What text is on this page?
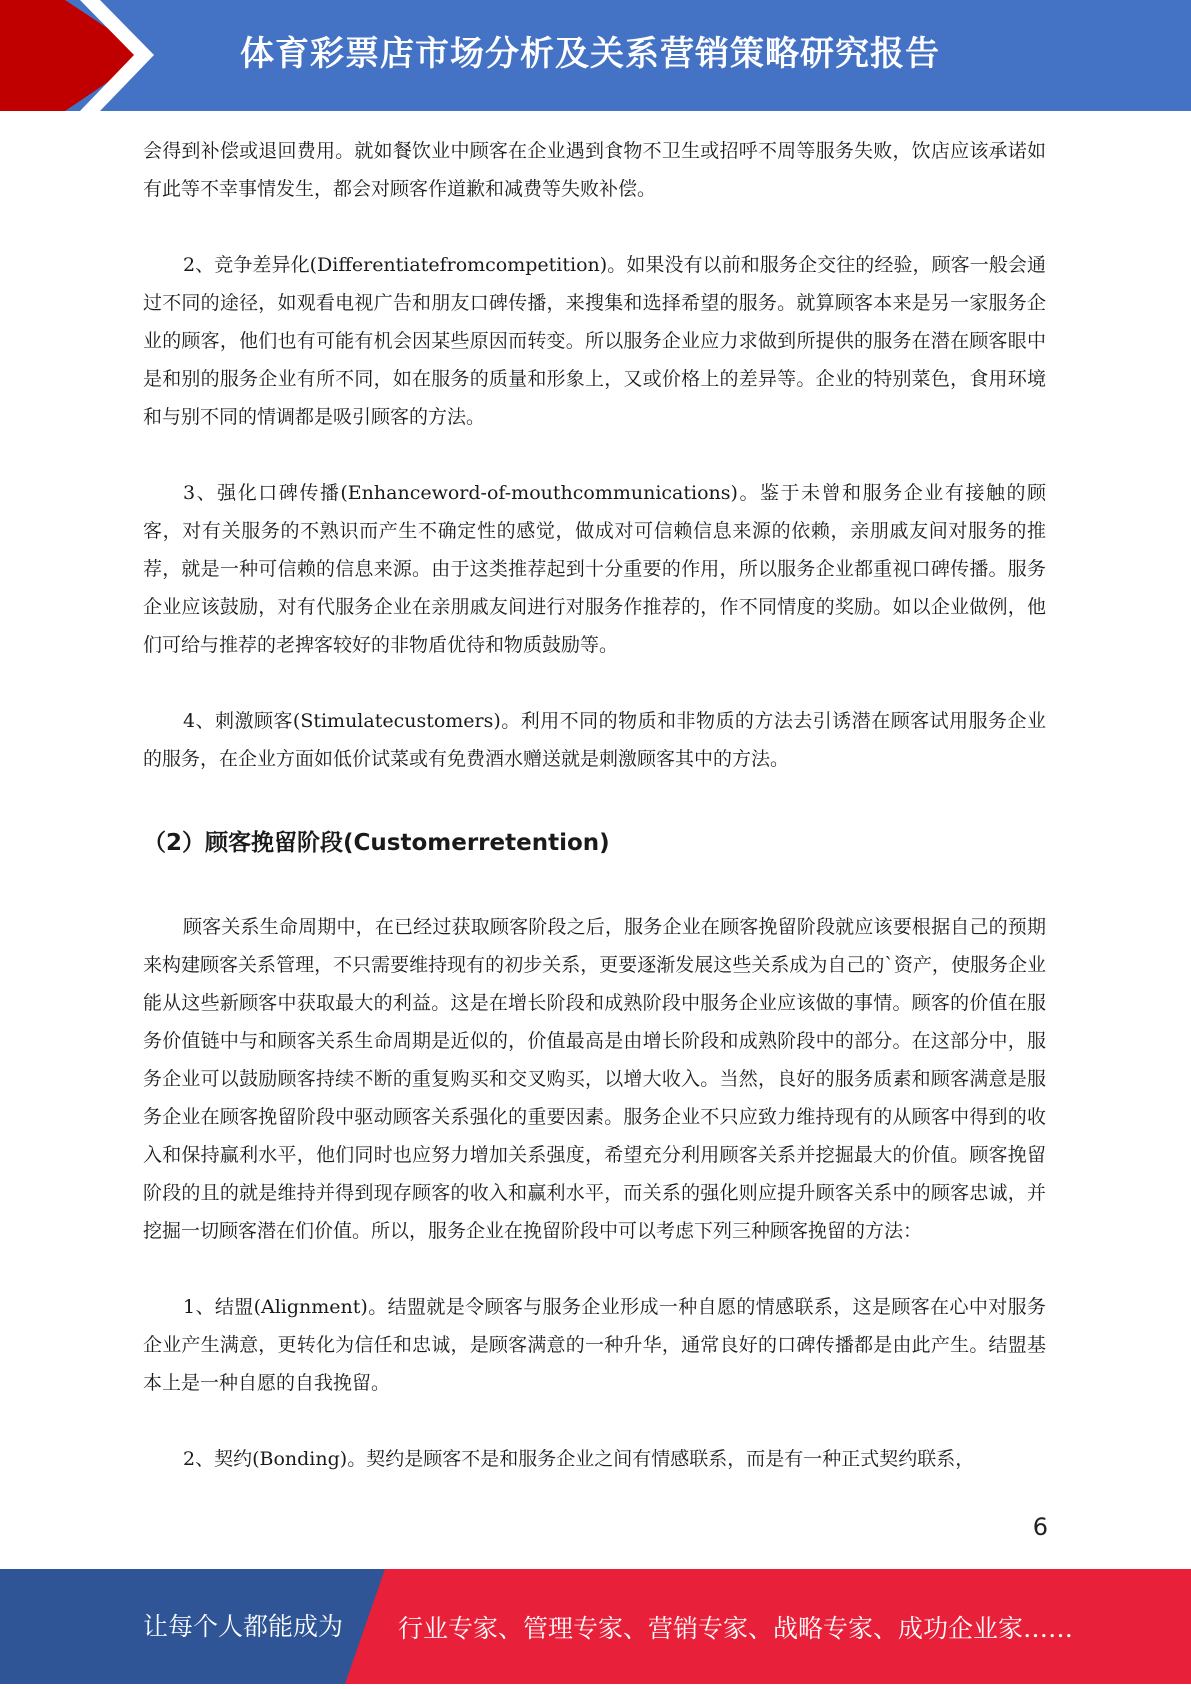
体育彩票店市场分析及关系营销策略研究报告

会得到补偿或退回费用。就如餐饮业中顾客在企业遇到食物不卫生或招呼不周等服务失败，饮店应该承诺如有此等不幸事情发生，都会对顾客作道歉和减费等失败补偿。

2、竞争差异化(Differentiatefromcompetition)。如果没有以前和服务企交往的经验，顾客一般会通过不同的途径，如观看电视广告和朋友口碑传播，来搜集和选择希望的服务。就算顾客本来是另一家服务企业的顾客，他们也有可能有机会因某些原因而转变。所以服务企业应力求做到所提供的服务在潜在顾客眼中是和别的服务企业有所不同，如在服务的质量和形象上，又或价格上的差异等。企业的特别菜色，食用环境和与别不同的情调都是吸引顾客的方法。

3、强化口碑传播(Enhanceword-of-mouthcommunications)。鉴于未曾和服务企业有接触的顾客，对有关服务的不熟识而产生不确定性的感觉，做成对可信赖信息来源的依赖，亲朋戚友间对服务的推荐，就是一种可信赖的信息来源。由于这类推荐起到十分重要的作用，所以服务企业都重视口碑传播。服务企业应该鼓励，对有代服务企业在亲朋戚友间进行对服务作推荐的，作不同情度的奖励。如以企业做例，他们可给与推荐的老捭客较好的非物盾优待和物质鼓励等。

4、刺激顾客(Stimulatecustomers)。利用不同的物质和非物质的方法去引诱潜在顾客试用服务企业的服务，在企业方面如低价试菜或有免费酒水赠送就是刺激顾客其中的方法。

（2）顾客挽留阶段(Customerretention)

顾客关系生命周期中，在已经过获取顾客阶段之后，服务企业在顾客挽留阶段就应该要根据自己的预期来构建顾客关系管理，不只需要维持现有的初步关系，更要逐渐发展这些关系成为自己的`资产，使服务企业能从这些新顾客中获取最大的利益。这是在增长阶段和成熟阶段中服务企业应该做的事情。顾客的价值在服务价值链中与和顾客关系生命周期是近似的，价值最高是由增长阶段和成熟阶段中的部分。在这部分中，服务企业可以鼓励顾客持续不断的重复购买和交叉购买，以增大收入。当然，良好的服务质素和顾客满意是服务企业在顾客挽留阶段中驱动顾客关系强化的重要因素。服务企业不只应致力维持现有的从顾客中得到的收入和保持赢利水平，他们同时也应努力增加关系强度，希望充分利用顾客关系并挖掘最大的价值。顾客挽留阶段的且的就是维持并得到现存顾客的收入和赢利水平，而关系的强化则应提升顾客关系中的顾客忠诚，并挖掘一切顾客潜在们价值。所以，服务企业在挽留阶段中可以考虑下列三种顾客挽留的方法：

1、结盟(Alignment)。结盟就是令顾客与服务企业形成一种自愿的情感联系，这是顾客在心中对服务企业产生满意，更转化为信任和忠诚，是顾客满意的一种升华，通常良好的口碑传播都是由此产生。结盟基本上是一种自愿的自我挽留。

2、契约(Bonding)。契约是顾客不是和服务企业之间有情感联系，而是有一种正式契约联系，

6
让每个人都能成为 行业专家、管理专家、营销专家、战略专家、成功企业家……
